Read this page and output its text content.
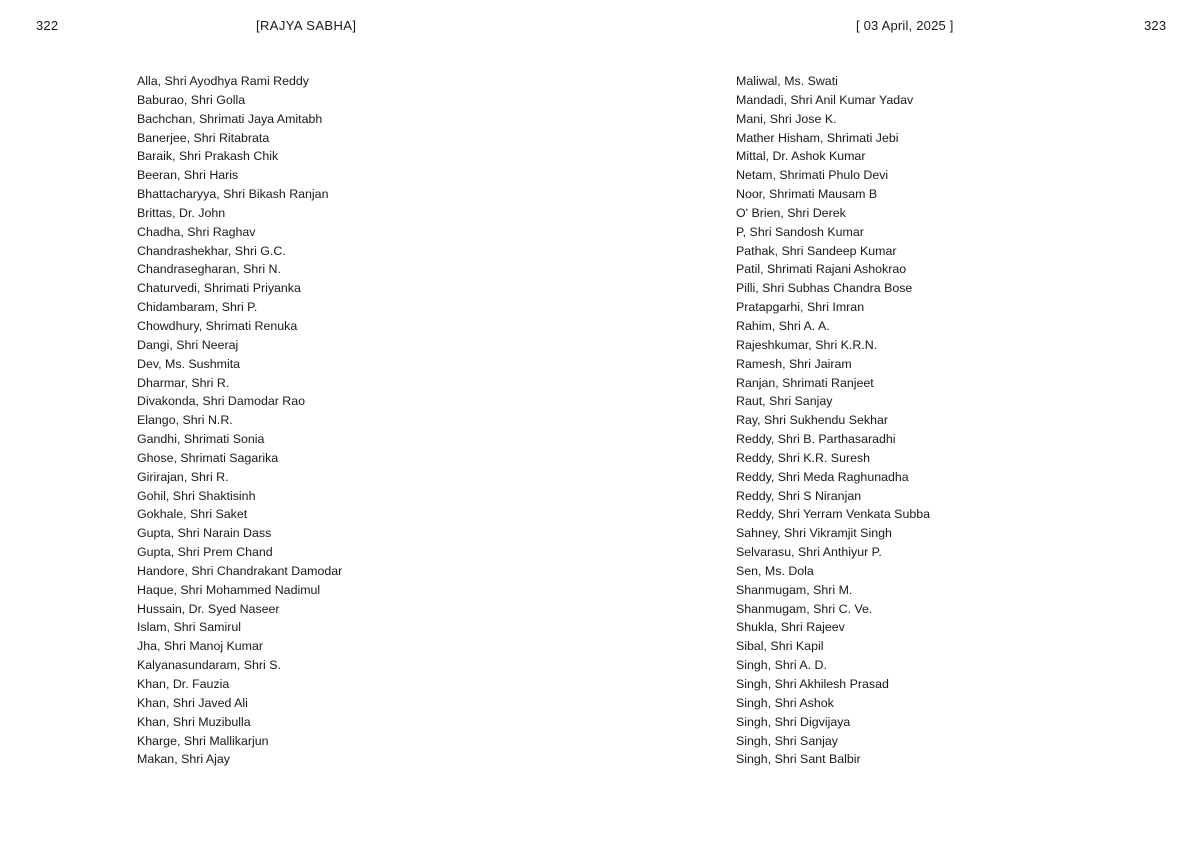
322	[RAJYA SABHA]	[ 03 April, 2025 ]	323
Alla, Shri Ayodhya Rami Reddy
Baburao, Shri Golla
Bachchan, Shrimati Jaya Amitabh
Banerjee, Shri Ritabrata
Baraik, Shri Prakash Chik
Beeran, Shri Haris
Bhattacharyya, Shri Bikash Ranjan
Brittas, Dr. John
Chadha, Shri Raghav
Chandrashekhar, Shri G.C.
Chandrasegharan, Shri N.
Chaturvedi, Shrimati Priyanka
Chidambaram, Shri P.
Chowdhury, Shrimati Renuka
Dangi, Shri Neeraj
Dev, Ms. Sushmita
Dharmar, Shri R.
Divakonda, Shri Damodar Rao
Elango, Shri N.R.
Gandhi, Shrimati Sonia
Ghose, Shrimati Sagarika
Girirajan, Shri R.
Gohil, Shri Shaktisinh
Gokhale, Shri Saket
Gupta, Shri Narain Dass
Gupta, Shri Prem Chand
Handore, Shri Chandrakant Damodar
Haque, Shri Mohammed Nadimul
Hussain, Dr. Syed Naseer
Islam, Shri Samirul
Jha, Shri Manoj Kumar
Kalyanasundaram, Shri S.
Khan, Dr. Fauzia
Khan, Shri Javed Ali
Khan, Shri Muzibulla
Kharge, Shri Mallikarjun
Makan, Shri Ajay
Maliwal, Ms. Swati
Mandadi, Shri Anil Kumar Yadav
Mani, Shri Jose K.
Mather Hisham, Shrimati Jebi
Mittal, Dr. Ashok Kumar
Netam, Shrimati Phulo Devi
Noor, Shrimati Mausam B
O' Brien, Shri Derek
P, Shri Sandosh Kumar
Pathak, Shri Sandeep Kumar
Patil, Shrimati Rajani Ashokrao
Pilli, Shri Subhas Chandra Bose
Pratapgarhi, Shri Imran
Rahim, Shri A. A.
Rajeshkumar, Shri K.R.N.
Ramesh, Shri Jairam
Ranjan, Shrimati Ranjeet
Raut, Shri Sanjay
Ray, Shri Sukhendu Sekhar
Reddy, Shri B. Parthasaradhi
Reddy, Shri K.R. Suresh
Reddy, Shri Meda Raghunadha
Reddy, Shri S Niranjan
Reddy, Shri Yerram Venkata Subba
Sahney, Shri Vikramjit Singh
Selvarasu, Shri Anthiyur P.
Sen, Ms. Dola
Shanmugam, Shri M.
Shanmugam, Shri C. Ve.
Shukla, Shri Rajeev
Sibal, Shri Kapil
Singh, Shri A. D.
Singh, Shri Akhilesh Prasad
Singh, Shri Ashok
Singh, Shri Digvijaya
Singh, Shri Sanjay
Singh, Shri Sant Balbir
